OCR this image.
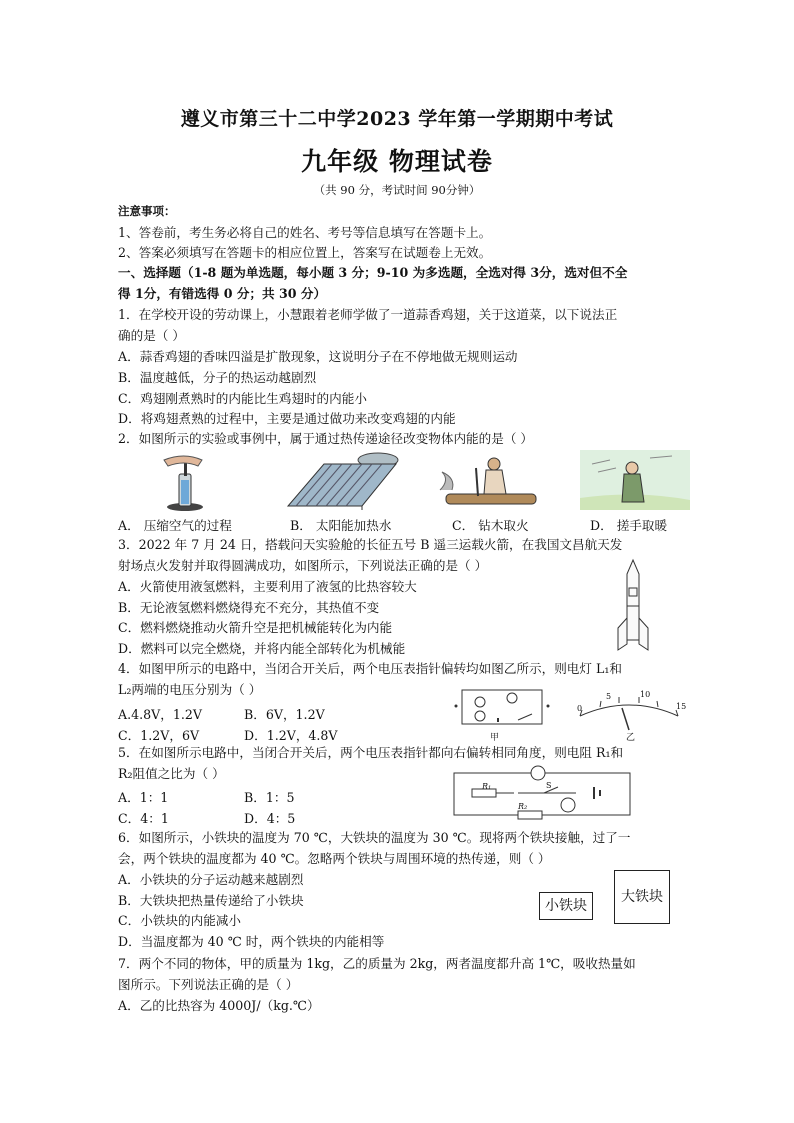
遵义市第三十二中学2023 学年第一学期期中考试
九年级 物理试卷
（共 90 分，考试时间 90分钟）
注意事项：
1、答卷前，考生务必将自己的姓名、考号等信息填写在答题卡上。
2、答案必须填写在答题卡的相应位置上，答案写在试题卷上无效。
一、选择题（1-8 题为单选题，每小题 3 分；9-10 为多选题，全选对得 3分，选对但不全
得 1分，有错选得 0 分；共 30 分）
1．在学校开设的劳动课上，小慧跟着老师学做了一道蒜香鸡翅，关于这道菜，以下说法正
确的是（ ）
A．蒜香鸡翅的香味四溢是扩散现象，这说明分子在不停地做无规则运动
B．温度越低，分子的热运动越剧烈
C．鸡翅刚煮熟时的内能比生鸡翅时的内能小
D．将鸡翅煮熟的过程中，主要是通过做功来改变鸡翅的内能
2．如图所示的实验或事例中，属于通过热传递途径改变物体内能的是（ ）
A． 压缩空气的过程	B． 太阳能加热水	C． 钻木取火	D． 搓手取暖
3．2022 年 7 月 24 日，搭载问天实验舱的长征五号 B 遥三运载火箭，在我国文昌航天发
射场点火发射并取得圆满成功，如图所示，下列说法正确的是（ ）
A．火箭使用液氢燃料，主要利用了液氢的比热容较大
B．无论液氢燃料燃烧得充不充分，其热值不变
C．燃料燃烧推动火箭升空是把机械能转化为内能
D．燃料可以完全燃烧，并将内能全部转化为机械能
4．如图甲所示的电路中，当闭合开关后，两个电压表指针偏转均如图乙所示，则电灯 L₁和
L₂两端的电压分别为（ ）
A.4.8V，1.2V	B．6V，1.2V
C．1.2V，6V	D．1.2V，4.8V	甲
0
5	10
15
乙
5．在如图所示电路中，当闭合开关后，两个电压表指针都向右偏转相同角度，则电阻 R₁和
R₂阻值之比为（ ）
A．1：1	B．1：5
C．4：1	D．4：5
R₁	S
R₂
6．如图所示，小铁块的温度为 70 ℃，大铁块的温度为 30 ℃。现将两个铁块接触，过了一
会，两个铁块的温度都为 40 ℃。忽略两个铁块与周围环境的热传递，则（ ）
A．小铁块的分子运动越来越剧烈
B．大铁块把热量传递给了小铁块
C．小铁块的内能减小
D．当温度都为 40 ℃ 时，两个铁块的内能相等
小铁块
大铁块
7．两个不同的物体，甲的质量为 1kg，乙的质量为 2kg，两者温度都升高 1℃，吸收热量如
图所示。下列说法正确的是（ ）
A．乙的比热容为 4000J/（kg.℃）
